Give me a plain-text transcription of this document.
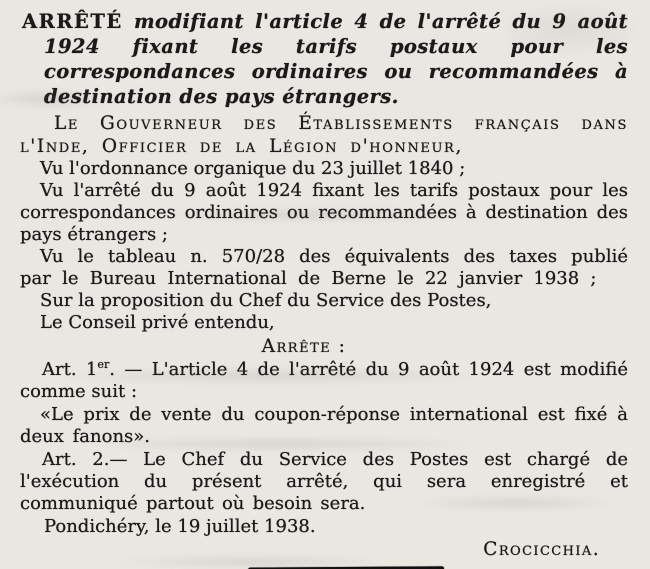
ARRÊTÉ modifiant l'article 4 de l'arrêté du 9 août 1924 fixant les tarifs postaux pour les correspondances ordinaires ou recommandées à destination des pays étrangers.

Le Gouverneur des Établissements français dans l'Inde, Officier de la Légion d'honneur,

Vu l'ordonnance organique du 23 juillet 1840 ;

Vu l'arrêté du 9 août 1924 fixant les tarifs postaux pour les correspondances ordinaires ou recommandées à destination des pays étrangers ;

Vu le tableau n. 570/28 des équivalents des taxes publié par le Bureau International de Berne le 22 janvier 1938 ;

Sur la proposition du Chef du Service des Postes,

Le Conseil privé entendu,

Arrête :

Art. 1er. — L'article 4 de l'arrêté du 9 août 1924 est modifié comme suit :

«Le prix de vente du coupon-réponse international est fixé à deux fanons».

Art. 2.— Le Chef du Service des Postes est chargé de l'exécution du présent arrêté, qui sera enregistré et communiqué partout où besoin sera.

Pondichéry, le 19 juillet 1938.

Crocicchia.
